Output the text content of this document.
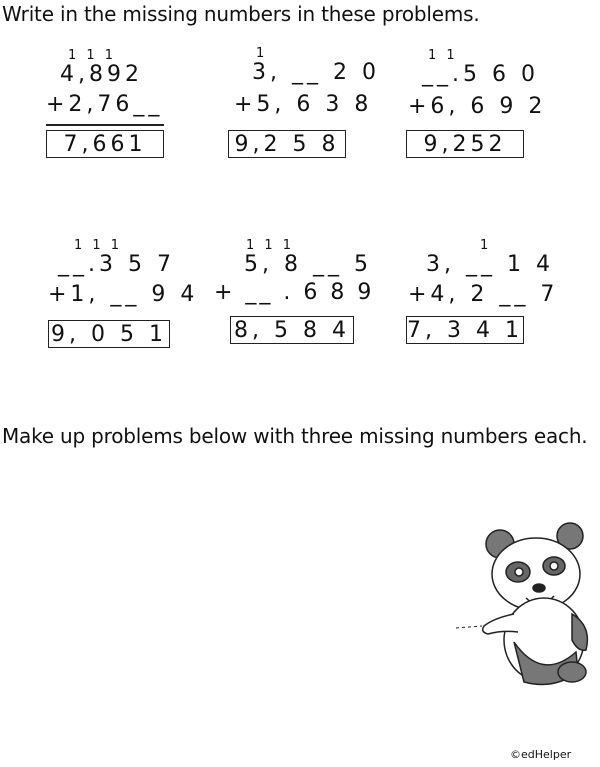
Write in the missing numbers in these problems.
1 1 1
4,892
+2,76__
7,661
1
3, __ 2 0
+5, 6 3 8
9,2 5 8
1 1
__.5 6 0
+6, 6 9 2
9,252
1 1 1
__.3 5 7
+1, __ 9 4
9, 0 5 1
1 1 1
5, 8 __ 5
+ __ . 6 8 9
8, 5 8 4
1
3, __ 1 4
+4, 2 __ 7
7, 3 4 1
Make up problems below with three missing numbers each.
©edHelper
